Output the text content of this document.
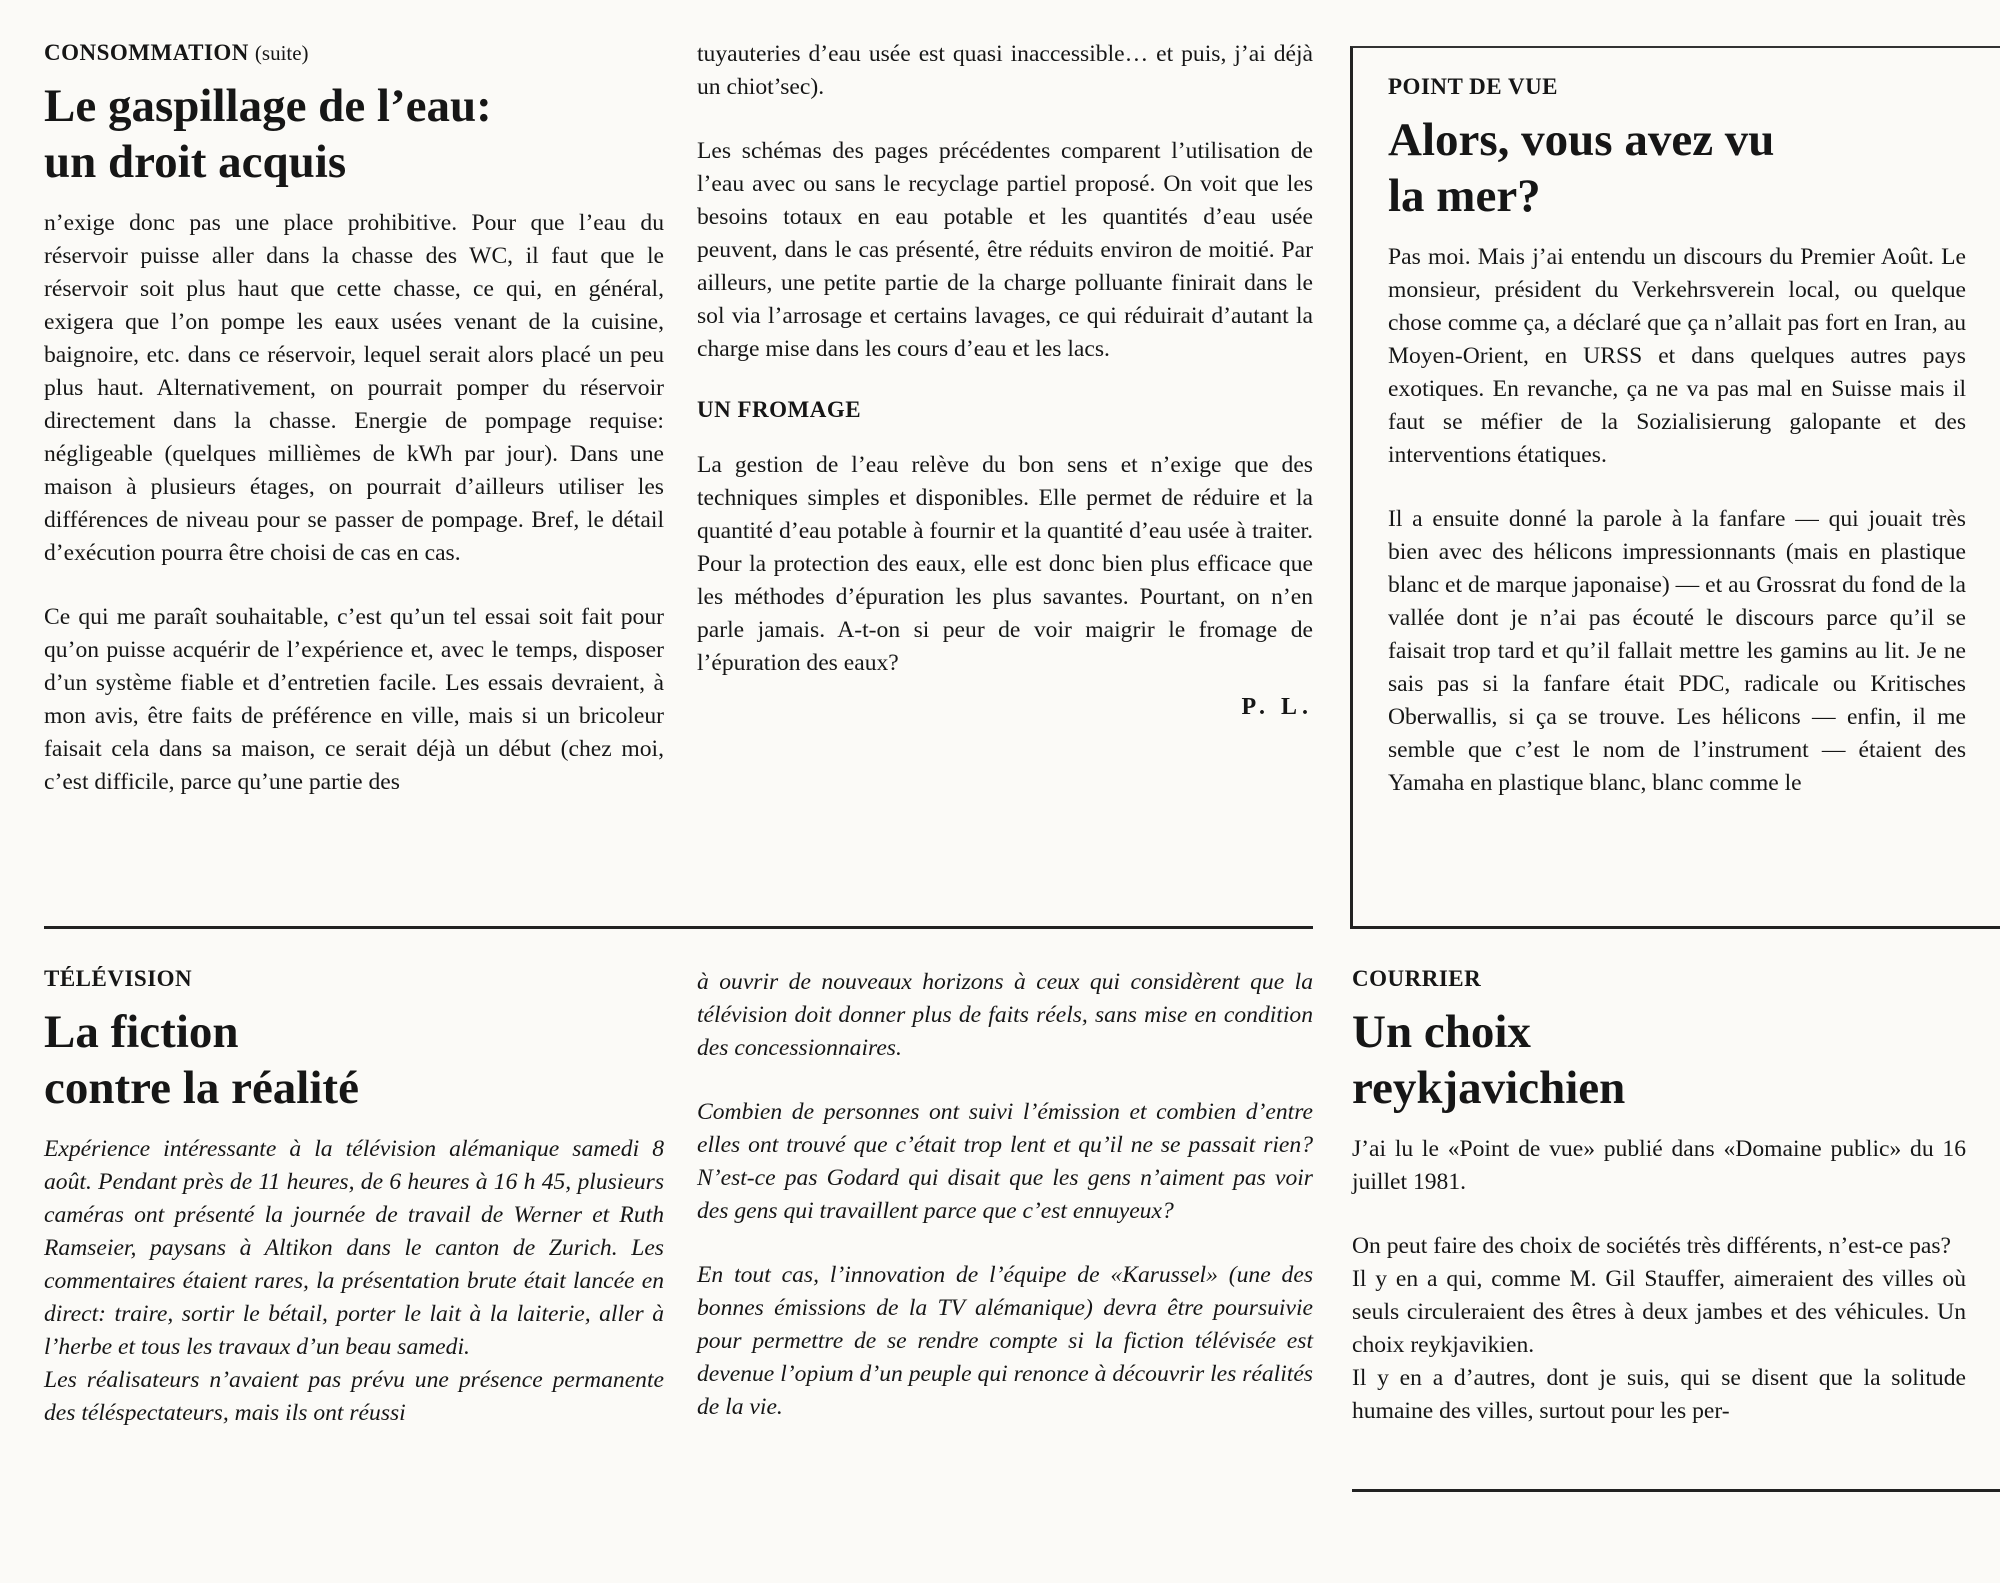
CONSOMMATION (suite)
Le gaspillage de l’eau:
un droit acquis

n’exige donc pas une place prohibitive. Pour que l’eau du réservoir puisse aller dans la chasse des WC, il faut que le réservoir soit plus haut que cette chasse, ce qui, en général, exigera que l’on pompe les eaux usées venant de la cuisine, baignoire, etc. dans ce réservoir, lequel serait alors placé un peu plus haut. Alternativement, on pourrait pomper du réservoir directement dans la chasse. Energie de pompage requise: négligeable (quelques millièmes de kWh par jour). Dans une maison à plusieurs étages, on pourrait d’ailleurs utiliser les différences de niveau pour se passer de pompage. Bref, le détail d’exécution pourra être choisi de cas en cas.

Ce qui me paraît souhaitable, c’est qu’un tel essai soit fait pour qu’on puisse acquérir de l’expérience et, avec le temps, disposer d’un système fiable et d’entretien facile. Les essais devraient, à mon avis, être faits de préférence en ville, mais si un bricoleur faisait cela dans sa maison, ce serait déjà un début (chez moi, c’est difficile, parce qu’une partie des

tuyauteries d’eau usée est quasi inaccessible… et puis, j’ai déjà un chiot’sec).

Les schémas des pages précédentes comparent l’utilisation de l’eau avec ou sans le recyclage partiel proposé. On voit que les besoins totaux en eau potable et les quantités d’eau usée peuvent, dans le cas présenté, être réduits environ de moitié. Par ailleurs, une petite partie de la charge polluante finirait dans le sol via l’arrosage et certains lavages, ce qui réduirait d’autant la charge mise dans les cours d’eau et les lacs.

UN FROMAGE

La gestion de l’eau relève du bon sens et n’exige que des techniques simples et disponibles. Elle permet de réduire et la quantité d’eau potable à fournir et la quantité d’eau usée à traiter. Pour la protection des eaux, elle est donc bien plus efficace que les méthodes d’épuration les plus savantes. Pourtant, on n’en parle jamais. A-t-on si peur de voir maigrir le fromage de l’épuration des eaux?

P. L.
POINT DE VUE
Alors, vous avez vu
la mer?

Pas moi. Mais j’ai entendu un discours du Premier Août. Le monsieur, président du Verkehrsverein local, ou quelque chose comme ça, a déclaré que ça n’allait pas fort en Iran, au Moyen-Orient, en URSS et dans quelques autres pays exotiques. En revanche, ça ne va pas mal en Suisse mais il faut se méfier de la Sozialisierung galopante et des interventions étatiques.

Il a ensuite donné la parole à la fanfare — qui jouait très bien avec des hélicons impressionnants (mais en plastique blanc et de marque japonaise) — et au Grossrat du fond de la vallée dont je n’ai pas écouté le discours parce qu’il se faisait trop tard et qu’il fallait mettre les gamins au lit. Je ne sais pas si la fanfare était PDC, radicale ou Kritisches Oberwallis, si ça se trouve. Les hélicons — enfin, il me semble que c’est le nom de l’instrument — étaient des Yamaha en plastique blanc, blanc comme le

TÉLÉVISION
La fiction
contre la réalité

Expérience intéressante à la télévision alémanique samedi 8 août. Pendant près de 11 heures, de 6 heures à 16 h 45, plusieurs caméras ont présenté la journée de travail de Werner et Ruth Ramseier, paysans à Altikon dans le canton de Zurich. Les commentaires étaient rares, la présentation brute était lancée en direct: traire, sortir le bétail, porter le lait à la laiterie, aller à l’herbe et tous les travaux d’un beau samedi.

Les réalisateurs n’avaient pas prévu une présence permanente des téléspectateurs, mais ils ont réussi

à ouvrir de nouveaux horizons à ceux qui considèrent que la télévision doit donner plus de faits réels, sans mise en condition des concessionnaires.

Combien de personnes ont suivi l’émission et combien d’entre elles ont trouvé que c’était trop lent et qu’il ne se passait rien? N’est-ce pas Godard qui disait que les gens n’aiment pas voir des gens qui travaillent parce que c’est ennuyeux?

En tout cas, l’innovation de l’équipe de «Karussel» (une des bonnes émissions de la TV alémanique) devra être poursuivie pour permettre de se rendre compte si la fiction télévisée est devenue l’opium d’un peuple qui renonce à découvrir les réalités de la vie.

COURRIER
Un choix
reykjavichien

J’ai lu le «Point de vue» publié dans «Domaine public» du 16 juillet 1981.

On peut faire des choix de sociétés très différents, n’est-ce pas?

Il y en a qui, comme M. Gil Stauffer, aimeraient des villes où seuls circuleraient des êtres à deux jambes et des véhicules. Un choix reykjavikien.

Il y en a d’autres, dont je suis, qui se disent que la solitude humaine des villes, surtout pour les per-
